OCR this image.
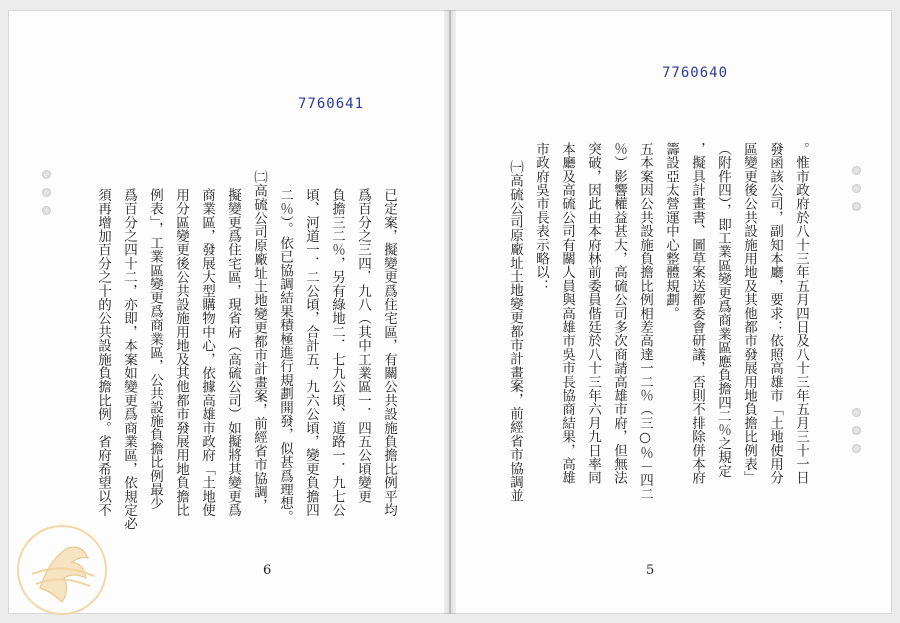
7760641
已定案，擬變更爲住宅區，有關公共設施負擔比例平均
爲百分之三四．九八（其中工業區一．四五公頃變更
負擔三二％，另有綠地二．七九公頃、道路一．九七公
頃、河道一．二公頃，合計五．九六公頃，變更負擔四
二％）。依已協調結果積極進行規劃開發，似甚爲理想。
㈡高硫公司原廠址土地變更都市計畫案，前經省市協調，
擬變更爲住宅區，現省府（高硫公司）如擬將其變更爲
商業區，發展大型購物中心，依據高雄市政府「土地使
用分區變更後公共設施用地及其他都市發展用地負擔比
例表」，工業區變更爲商業區，公共設施負擔比例最少
爲百分之四十二，亦即，本案如變更爲商業區，依規定必
須再增加百分之十的公共設施負擔比例。省府希望以不
6
7760640
。惟市政府於八十三年五月四日及八十三年五月三十一日
發函該公司，副知本廳，要求：依照高雄市「土地使用分
區變更後公共設施用地及其他都市發展用地負擔比例表」
（附件四），即工業區變更爲商業區應負擔四二％之規定
，擬具計畫書、圖草案送都委會研議，否則不排除併本府
籌設亞太營運中心整體規劃。
五本案因公共設施負擔比例相差高達一二％（三○％－四二
％）影響權益甚大，高硫公司多次商請高雄市府，但無法
突破，因此由本府林前委員偕廷於八十三年六月九日率同
本廳及高硫公司有關人員與高雄市吳市長協商結果，高雄
市政府吳市長表示略以：
㈠高硫公司原廠址土地變更都市計畫案，前經省市協調並
5
